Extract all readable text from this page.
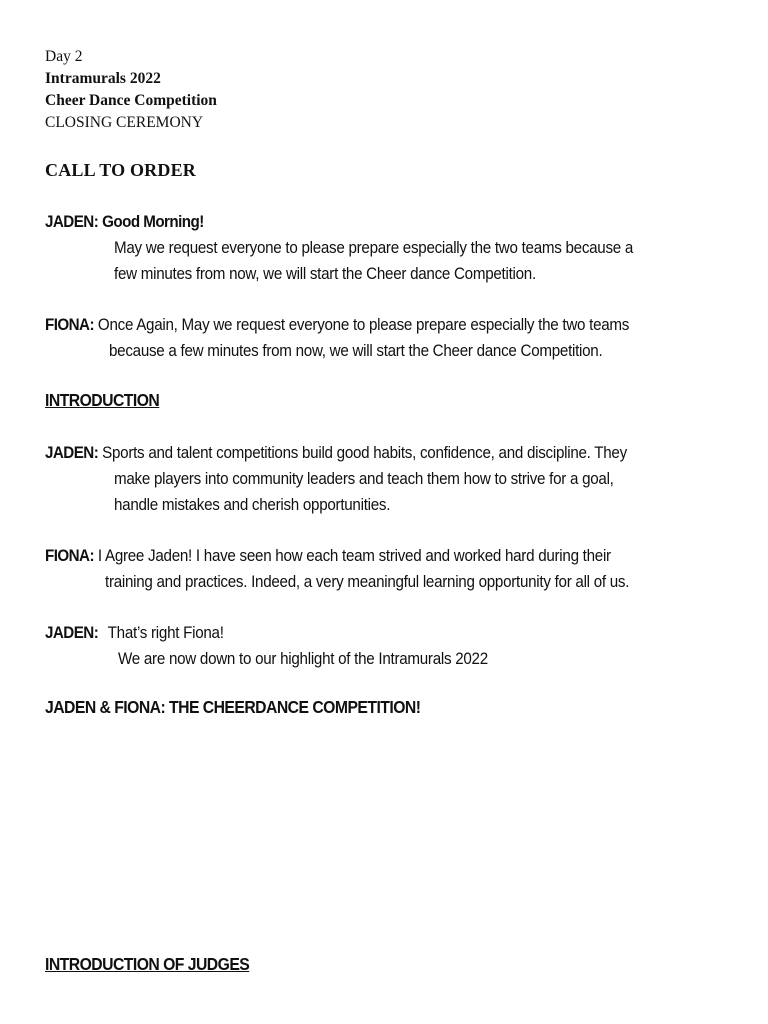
Day 2
Intramurals 2022
Cheer Dance Competition
CLOSING CEREMONY
CALL TO ORDER
JADEN: Good Morning!
May we request everyone to please prepare especially the two teams because a
few minutes from now, we will start the Cheer dance Competition.
FIONA: Once Again, May we request everyone to please prepare especially the two teams
because a few minutes from now, we will start the Cheer dance Competition.
INTRODUCTION
JADEN: Sports and talent competitions build good habits, confidence, and discipline. They
make players into community leaders and teach them how to strive for a goal,
handle mistakes and cherish opportunities.
FIONA: I Agree Jaden! I have seen how each team strived and worked hard during their
training and practices. Indeed, a very meaningful learning opportunity for all of us.
JADEN: That’s right Fiona!
We are now down to our highlight of the Intramurals 2022
JADEN & FIONA: THE CHEERDANCE COMPETITION!
INTRODUCTION OF JUDGES
